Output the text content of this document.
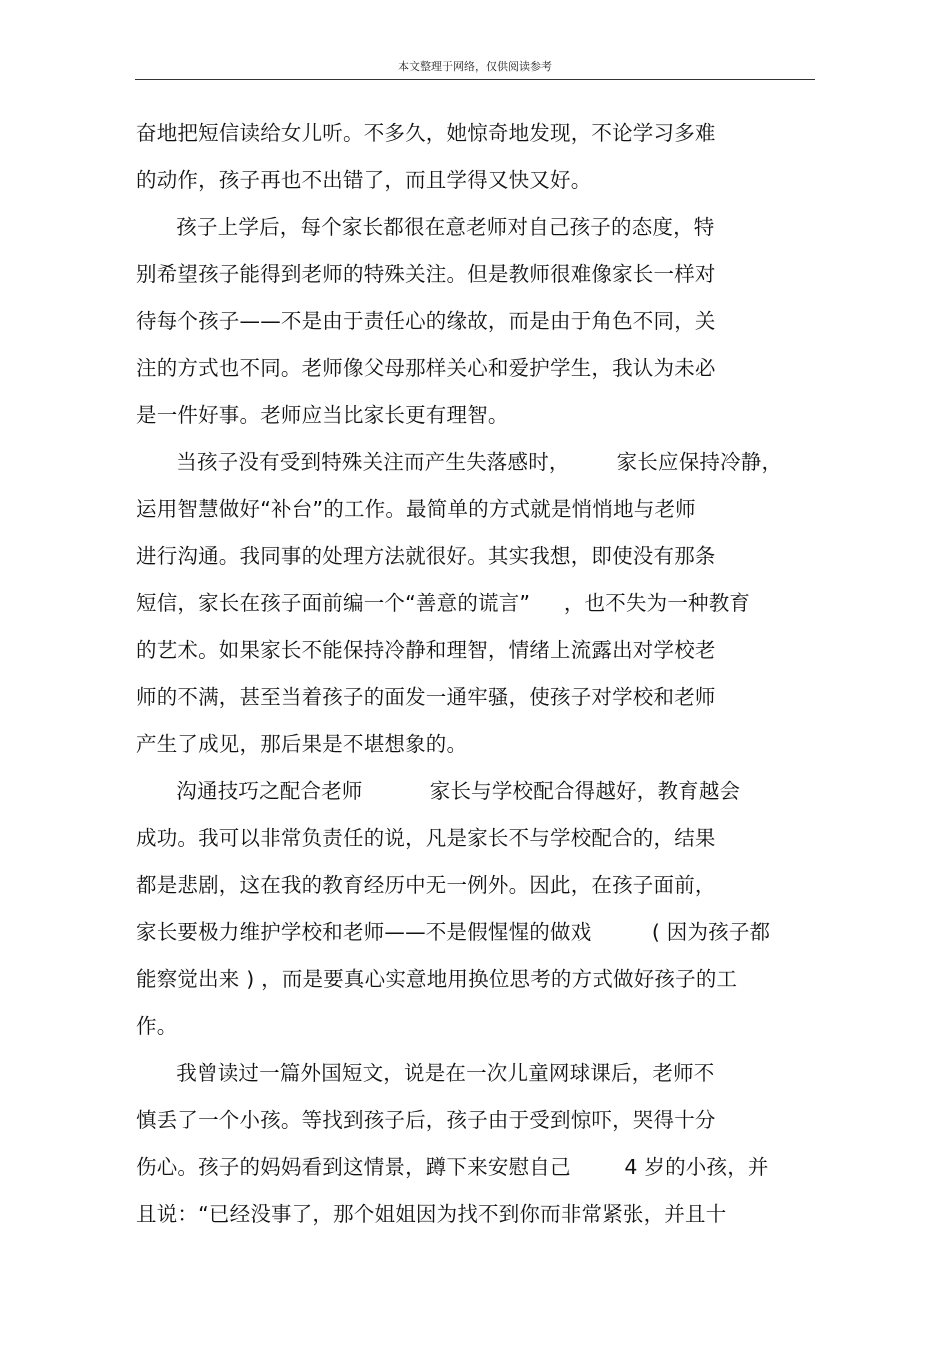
本文整理于网络，仅供阅读参考
奋地把短信读给女儿听。不多久，她惊奇地发现，不论学习多难
的动作，孩子再也不出错了，而且学得又快又好。
孩子上学后，每个家长都很在意老师对自己孩子的态度，特
别希望孩子能得到老师的特殊关注。但是教师很难像家长一样对
待每个孩子——不是由于责任心的缘故，而是由于角色不同，关
注的方式也不同。老师像父母那样关心和爱护学生，我认为未必
是一件好事。老师应当比家长更有理智。
当孩子没有受到特殊关注而产生失落感时，       家长应保持冷静，
运用智慧做好“补台”的工作。最简单的方式就是悄悄地与老师
进行沟通。我同事的处理方法就很好。其实我想，即使没有那条
短信，家长在孩子面前编一个“善意的谎言”     ，也不失为一种教育
的艺术。如果家长不能保持冷静和理智，情绪上流露出对学校老
师的不满，甚至当着孩子的面发一通牢骚，使孩子对学校和老师
产生了成见，那后果是不堪想象的。
沟通技巧之配合老师          家长与学校配合得越好，教育越会
成功。我可以非常负责任的说，凡是家长不与学校配合的，结果
都是悲剧，这在我的教育经历中无一例外。因此，在孩子面前，
家长要极力维护学校和老师——不是假惺惺的做戏         ( 因为孩子都
能察觉出来 ) ，而是要真心实意地用换位思考的方式做好孩子的工
作。
我曾读过一篇外国短文，说是在一次儿童网球课后，老师不
慎丢了一个小孩。等找到孩子后，孩子由于受到惊吓，哭得十分
伤心。孩子的妈妈看到这情景，蹲下来安慰自己        4 岁的小孩，并
且说：“已经没事了，那个姐姐因为找不到你而非常紧张，并且十
